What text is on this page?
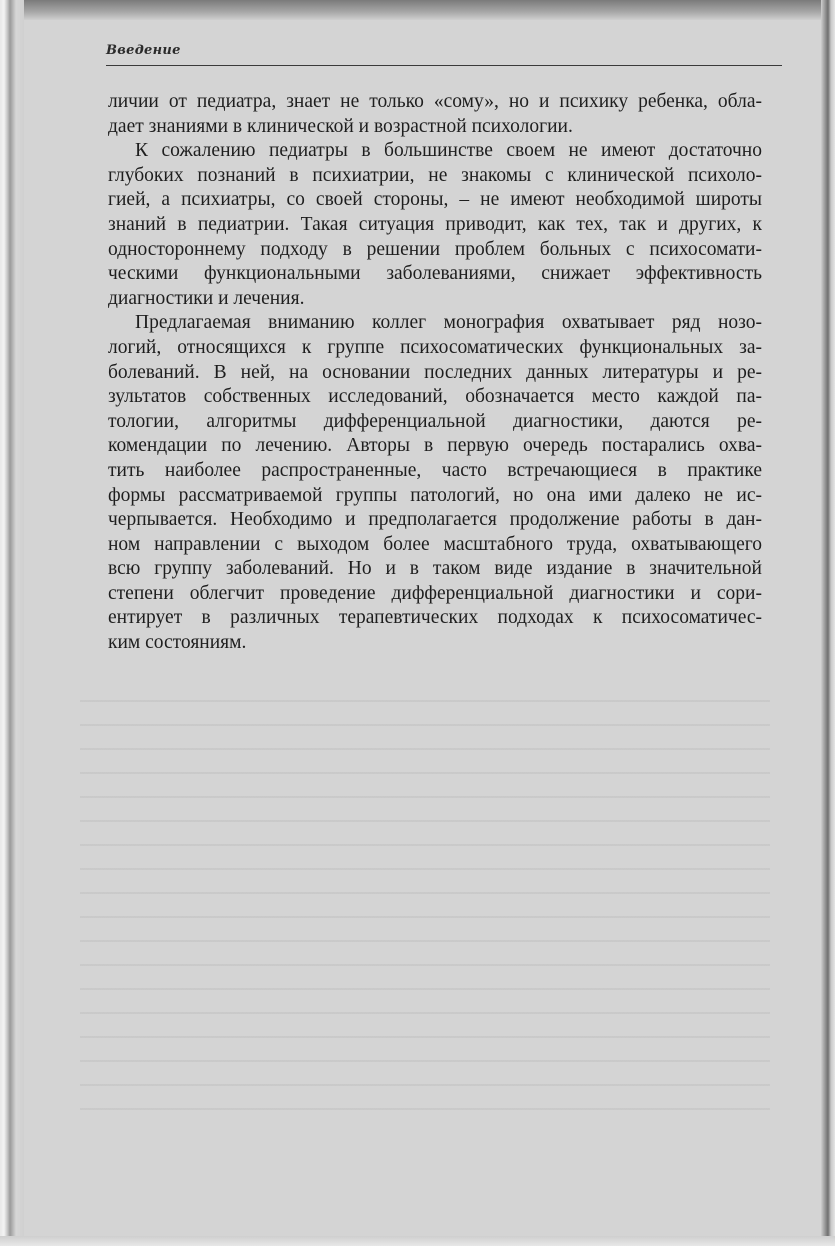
Введение

личии от педиатра, знает не только «сому», но и психику ребенка, обла-
дает знаниями в клинической и возрастной психологии.

К сожалению педиатры в большинстве своем не имеют достаточно
глубоких познаний в психиатрии, не знакомы с клинической психоло-
гией, а психиатры, со своей стороны, – не имеют необходимой широты
знаний в педиатрии. Такая ситуация приводит, как тех, так и других, к
одностороннему подходу в решении проблем больных с психосомати-
ческими функциональными заболеваниями, снижает эффективность
диагностики и лечения.

Предлагаемая вниманию коллег монография охватывает ряд нозо-
логий, относящихся к группе психосоматических функциональных за-
болеваний. В ней, на основании последних данных литературы и ре-
зультатов собственных исследований, обозначается место каждой па-
тологии, алгоритмы дифференциальной диагностики, даются ре-
комендации по лечению. Авторы в первую очередь постарались охва-
тить наиболее распространенные, часто встречающиеся в практике
формы рассматриваемой группы патологий, но она ими далеко не ис-
черпывается. Необходимо и предполагается продолжение работы в дан-
ном направлении с выходом более масштабного труда, охватывающего
всю группу заболеваний. Но и в таком виде издание в значительной
степени облегчит проведение дифференциальной диагностики и сори-
ентирует в различных терапевтических подходах к психосоматичес-
ким состояниям.
